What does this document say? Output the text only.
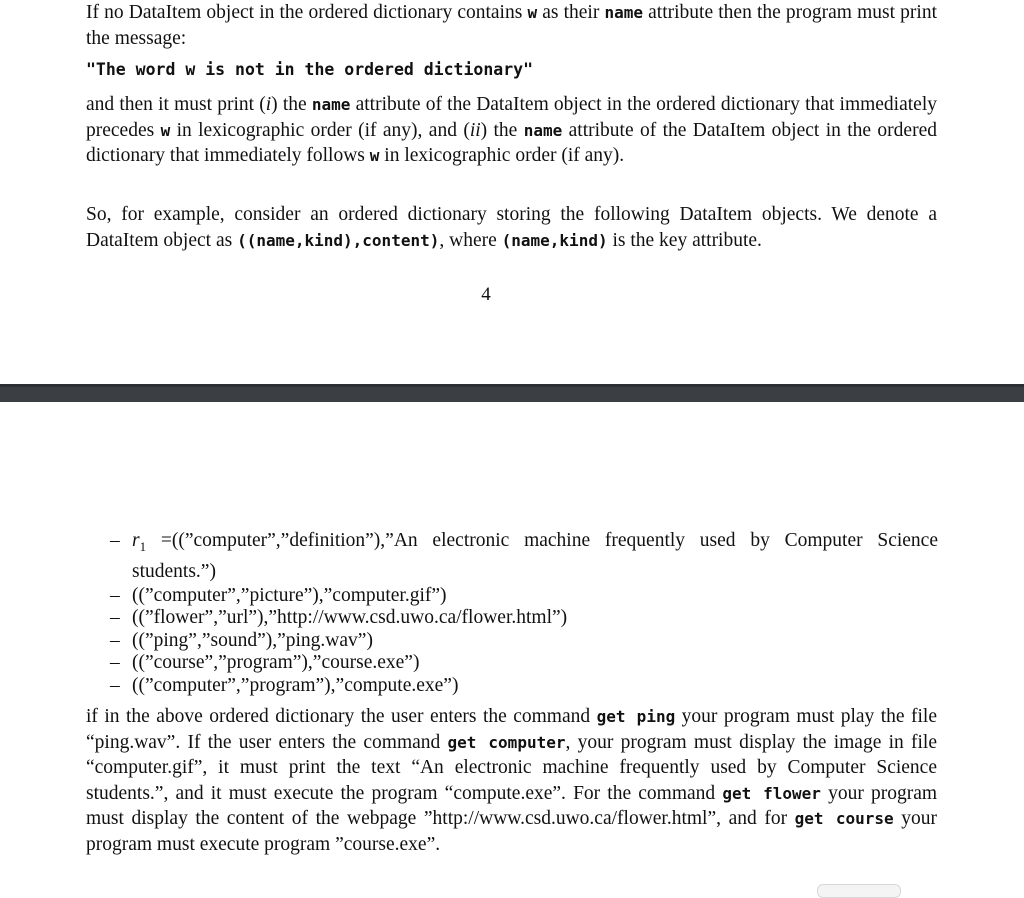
If no DataItem object in the ordered dictionary contains w as their name attribute then the program must print the message:

"The word w is not in the ordered dictionary"

and then it must print (i) the name attribute of the DataItem object in the ordered dictionary that immediately precedes w in lexicographic order (if any), and (ii) the name attribute of the DataItem object in the ordered dictionary that immediately follows w in lexicographic order (if any).

So, for example, consider an ordered dictionary storing the following DataItem objects. We denote a DataItem object as ((name,kind),content), where (name,kind) is the key attribute.

4
– $r_1$ =((”computer”,”definition”),”An electronic machine frequently used by Computer Science students.”)
– ((”computer”,”picture”),”computer.gif”)
– ((”flower”,”url”),”http://www.csd.uwo.ca/flower.html”)
– ((”ping”,”sound”),”ping.wav”)
– ((”course”,”program”),”course.exe”)
– ((”computer”,”program”),”compute.exe”)

if in the above ordered dictionary the user enters the command get ping your program must play the file “ping.wav”. If the user enters the command get computer, your program must display the image in file “computer.gif”, it must print the text “An electronic machine frequently used by Computer Science students.”, and it must execute the program “compute.exe”. For the command get flower your program must display the content of the webpage ”http://www.csd.uwo.ca/flower.html”, and for get course your program must execute program ”course.exe”.
